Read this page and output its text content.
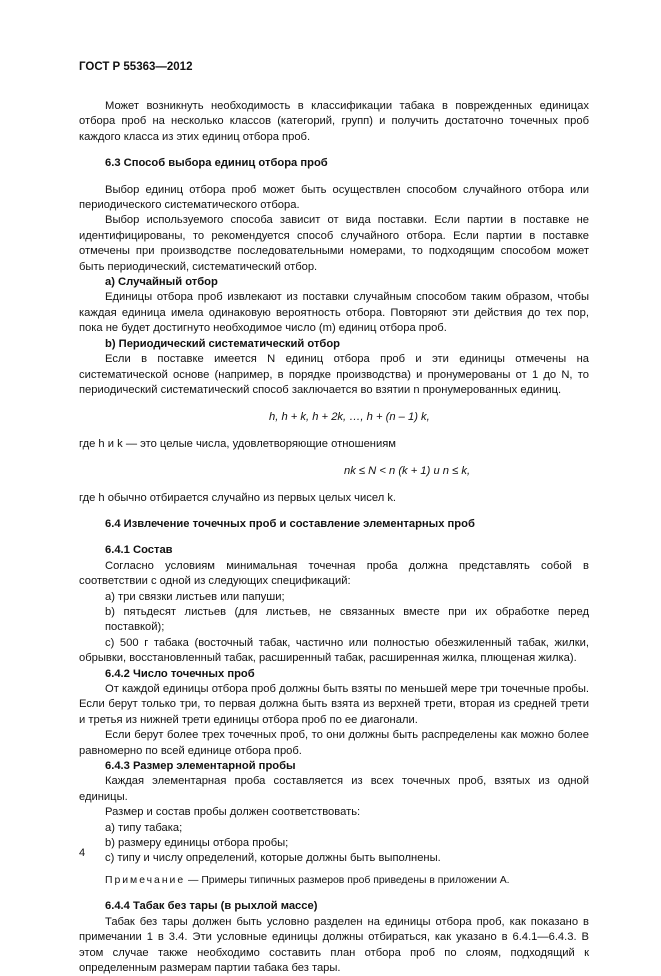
ГОСТ Р 55363—2012

Может возникнуть необходимость в классификации табака в поврежденных единицах отбора проб на несколько классов (категорий, групп) и получить достаточно точечных проб каждого класса из этих единиц отбора проб.

6.3 Способ выбора единиц отбора проб

Выбор единиц отбора проб может быть осуществлен способом случайного отбора или периодического систематического отбора.

Выбор используемого способа зависит от вида поставки. Если партии в поставке не идентифицированы, то рекомендуется способ случайного отбора. Если партии в поставке отмечены при производстве последовательными номерами, то подходящим способом может быть периодический, систематический отбор.

а) Случайный отбор

Единицы отбора проб извлекают из поставки случайным способом таким образом, чтобы каждая единица имела одинаковую вероятность отбора. Повторяют эти действия до тех пор, пока не будет достигнуто необходимое число (m) единиц отбора проб.

b) Периодический систематический отбор

Если в поставке имеется N единиц отбора проб и эти единицы отмечены на систематической основе (например, в порядке производства) и пронумерованы от 1 до N, то периодический систематический способ заключается во взятии n пронумерованных единиц.

h, h + k, h + 2k, …, h + (n – 1) k,

где h и k — это целые числа, удовлетворяющие отношениям

nk ≤ N < n (k + 1) и n ≤ k,

где h обычно отбирается случайно из первых целых чисел k.

6.4 Извлечение точечных проб и составление элементарных проб

6.4.1 Состав

Согласно условиям минимальная точечная проба должна представлять собой в соответствии с одной из следующих спецификаций:

а) три связки листьев или папуши;

b) пятьдесят листьев (для листьев, не связанных вместе при их обработке перед поставкой);

с) 500 г табака (восточный табак, частично или полностью обезжиленный табак, жилки, обрывки, восстановленный табак, расширенный табак, расширенная жилка, плющеная жилка).

6.4.2 Число точечных проб

От каждой единицы отбора проб должны быть взяты по меньшей мере три точечные пробы. Если берут только три, то первая должна быть взята из верхней трети, вторая из средней трети и третья из нижней трети единицы отбора проб по ее диагонали.

Если берут более трех точечных проб, то они должны быть распределены как можно более равномерно по всей единице отбора проб.

6.4.3 Размер элементарной пробы

Каждая элементарная проба составляется из всех точечных проб, взятых из одной единицы.

Размер и состав пробы должен соответствовать:

а) типу табака;

b) размеру единицы отбора пробы;

с) типу и числу определений, которые должны быть выполнены.

Примечание — Примеры типичных размеров проб приведены в приложении А.

6.4.4 Табак без тары (в рыхлой массе)

Табак без тары должен быть условно разделен на единицы отбора проб, как показано в примечании 1 в 3.4. Эти условные единицы должны отбираться, как указано в 6.4.1—6.4.3. В этом случае также необходимо составить план отбора проб по слоям, подходящий к определенным размерам партии табака без тары.

4
